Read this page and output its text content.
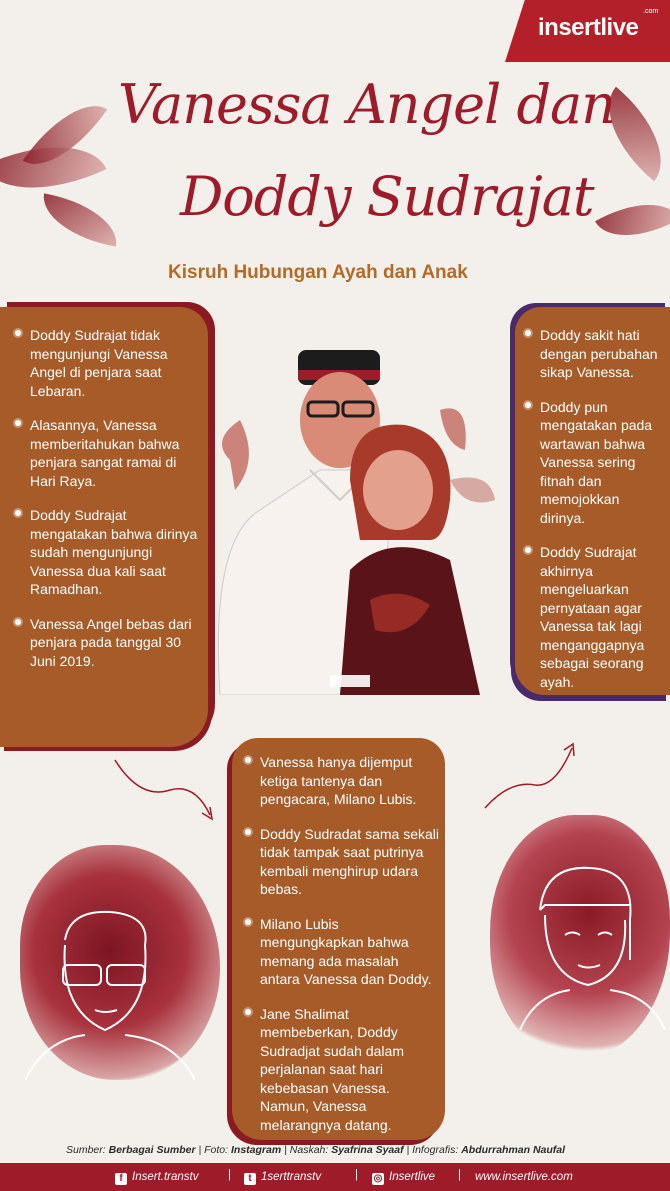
insertlive
.com
Vanessa Angel dan
Doddy Sudrajat
Kisruh Hubungan Ayah dan Anak
Doddy Sudrajat tidak mengunjungi Vanessa Angel di penjara saat Lebaran.
Alasannya, Vanessa memberitahukan bahwa penjara sangat ramai di Hari Raya.
Doddy Sudrajat mengatakan bahwa dirinya sudah mengunjungi Vanessa dua kali saat Ramadhan.
Vanessa Angel bebas dari penjara pada tanggal 30 Juni 2019.
Doddy sakit hati dengan perubahan sikap Vanessa.
Doddy pun mengatakan pada wartawan bahwa Vanessa sering fitnah dan memojokkan dirinya.
Doddy Sudrajat akhirnya mengeluarkan pernyataan agar Vanessa tak lagi menganggapnya sebagai seorang ayah.
Vanessa hanya dijemput ketiga tantenya dan pengacara, Milano Lubis.
Doddy Sudradat sama sekali tidak tampak saat putrinya kembali menghirup udara bebas.
Milano Lubis mengungkapkan bahwa memang ada masalah antara Vanessa dan Doddy.
Jane Shalimat membeberkan, Doddy Sudradjat sudah dalam perjalanan saat hari kebebasan Vanessa. Namun, Vanessa melarangnya datang.
Sumber: Berbagai Sumber | Foto: Instagram | Naskah: Syafrina Syaaf | Infografis: Abdurrahman Naufal
f Insert.transtv	|	t 1serttranstv	| ◎ Insertlive | www.insertlive.com
